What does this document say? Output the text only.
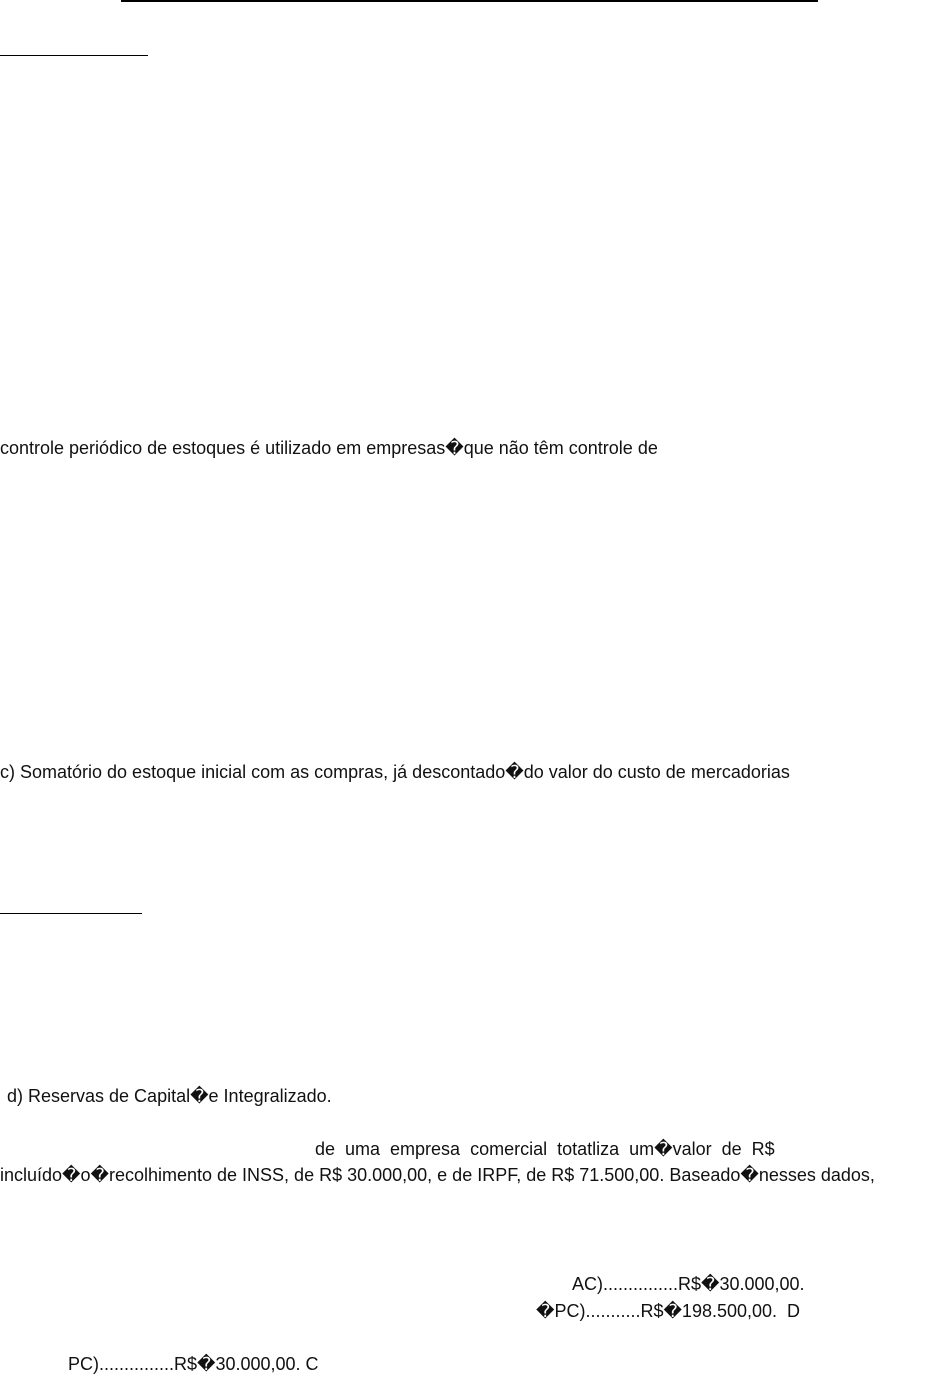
controle periódico de estoques é utilizado em empresas�que não têm controle de
c) Somatório do estoque inicial com as compras, já descontado�do valor do custo de mercadorias
d) Reservas de Capital�e Integralizado.
de  uma  empresa  comercial  totatliza  um�valor  de  R$
incluído�o�recolhimento de INSS, de R$ 30.000,00, e de IRPF, de R$ 71.500,00. Baseado�nesses dados,
AC)...............R$�30.000,00.
�PC)...........R$�198.500,00.  D
PC)...............R$�30.000,00. C
